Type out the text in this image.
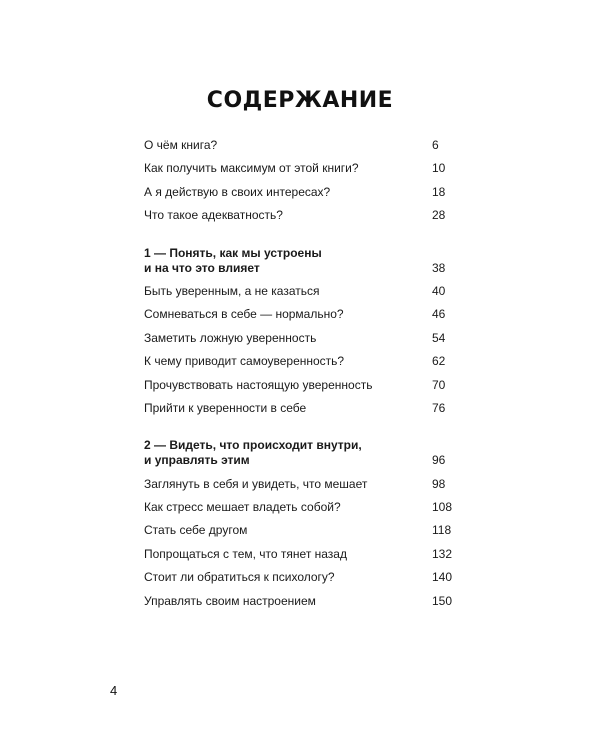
СОДЕРЖАНИЕ
О чём книга?	6
Как получить максимум от этой книги?	10
А я действую в своих интересах?	18
Что такое адекватность?	28
1 — Понять, как мы устроены
и на что это влияет	38
Быть уверенным, а не казаться	40
Сомневаться в себе — нормально?	46
Заметить ложную уверенность	54
К чему приводит самоуверенность?	62
Прочувствовать настоящую уверенность	70
Прийти к уверенности в себе	76
2 — Видеть, что происходит внутри,
и управлять этим	96
Заглянуть в себя и увидеть, что мешает	98
Как стресс мешает владеть собой?	108
Стать себе другом	118
Попрощаться с тем, что тянет назад	132
Стоит ли обратиться к психологу?	140
Управлять своим настроением	150
4
